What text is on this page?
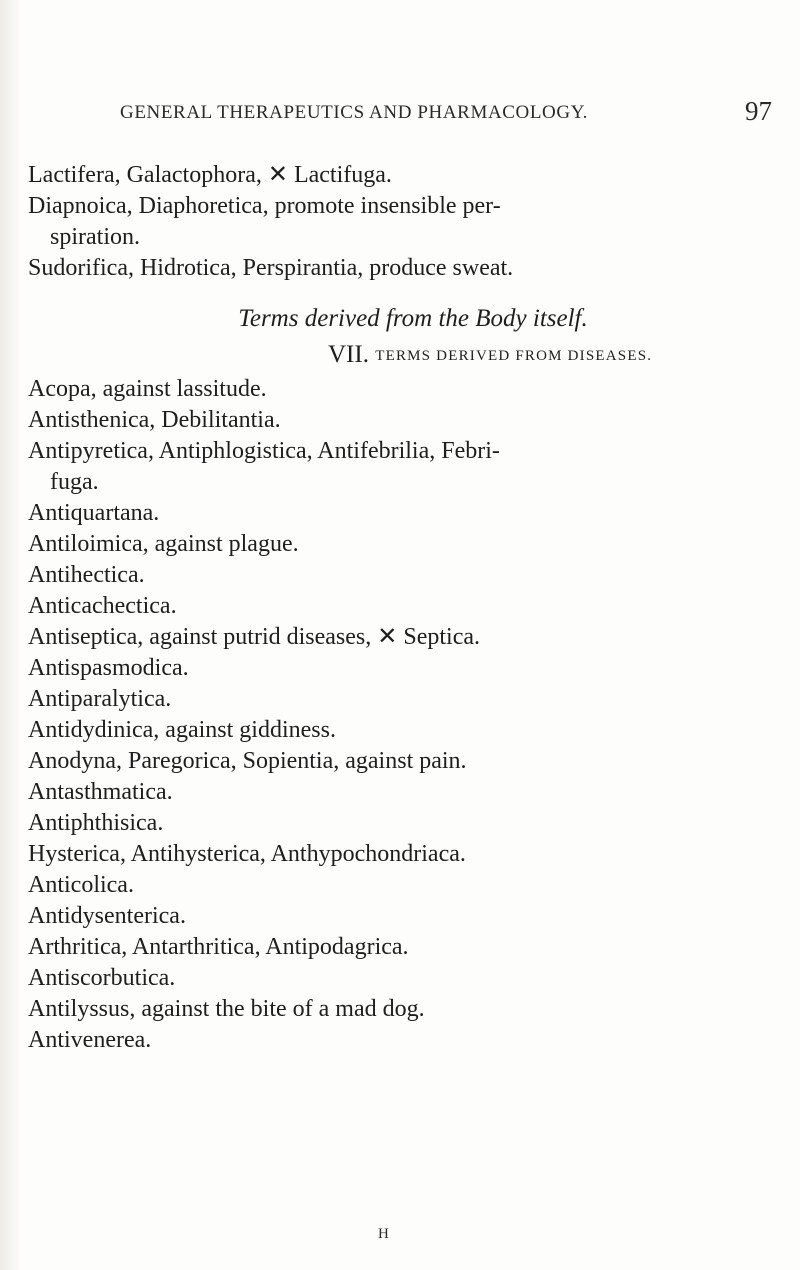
GENERAL THERAPEUTICS AND PHARMACOLOGY.	97
Lactifera, Galactophora, ✕ Lactifuga.
Diapnoica, Diaphoretica, promote insensible per-
spiration.
Sudorifica, Hidrotica, Perspirantia, produce sweat.
Terms derived from the Body itself.
VII. TERMS DERIVED FROM DISEASES.
Acopa, against lassitude.
Antisthenica, Debilitantia.
Antipyretica, Antiphlogistica, Antifebrilia, Febri-
fuga.
Antiquartana.
Antiloimica, against plague.
Antihectica.
Anticachectica.
Antiseptica, against putrid diseases, ✕ Septica.
Antispasmodica.
Antiparalytica.
Antidydinica, against giddiness.
Anodyna, Paregorica, Sopientia, against pain.
Antasthmatica.
Antiphthisica.
Hysterica, Antihysterica, Anthypochondriaca.
Anticolica.
Antidysenterica.
Arthritica, Antarthritica, Antipodagrica.
Antiscorbutica.
Antilyssus, against the bite of a mad dog.
Antivenerea.
H
